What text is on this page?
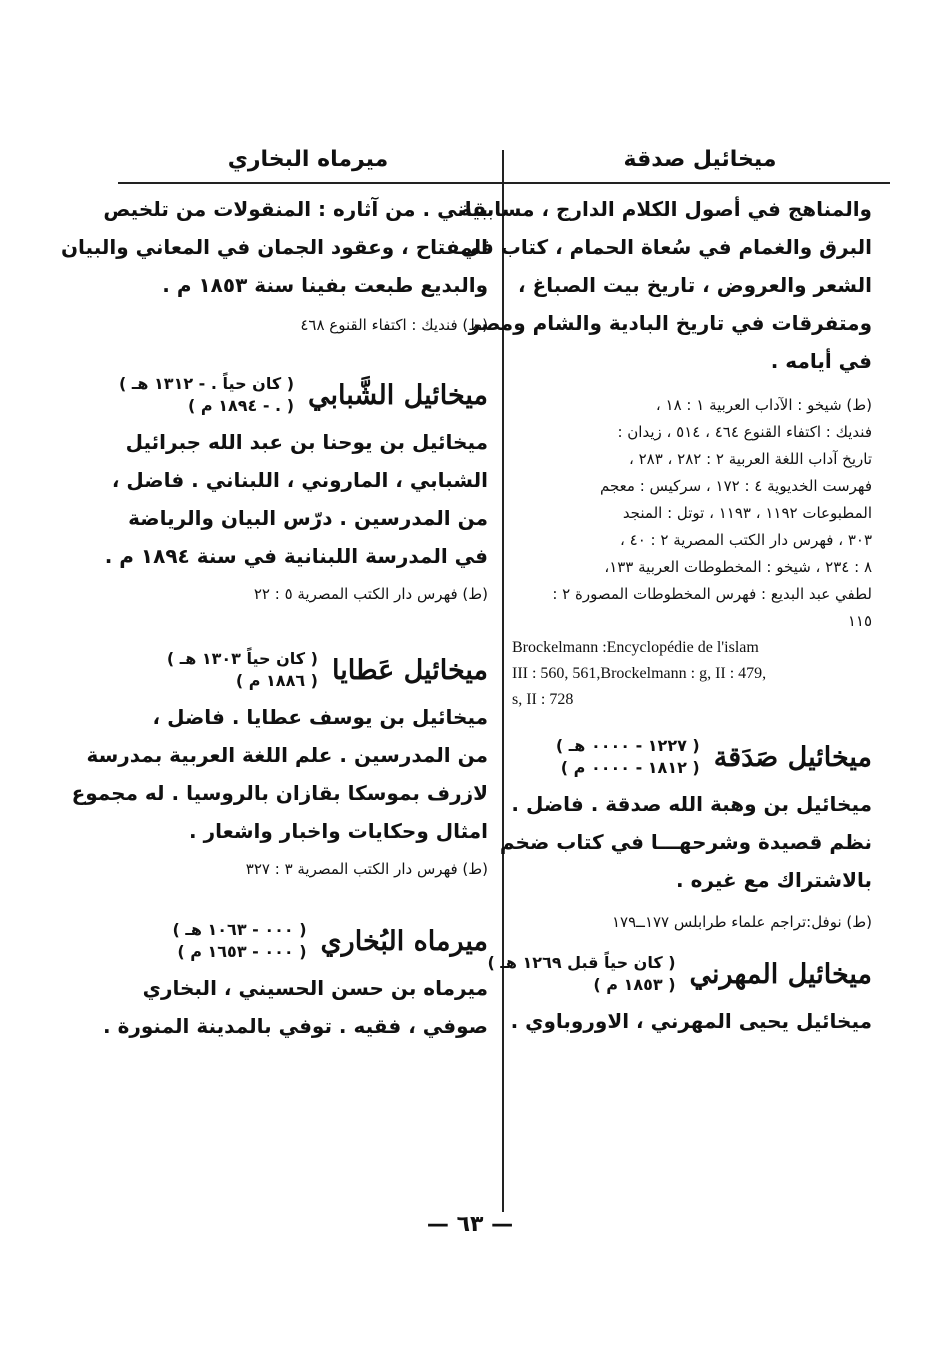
ميخائيل صدقة
ميرماه البخاري
والمناهج في أصول الكلام الدارج ، مسابقة
البرق والغمام في سُعاة الحمام ، كتاب في
الشعر والعروض ، تاريخ بيت الصباغ ،
ومتفرقات في تاريخ البادية والشام ومصر
في أيامه .
(ط) شيخو : الآداب العربية ١ : ١٨ ،
فنديك : اكتفاء القنوع ٤٦٤ ، ٥١٤ ، زيدان :
تاريخ آداب اللغة العربية ٢ : ٢٨٢ ، ٢٨٣ ،
فهرست الخديوية ٤ : ١٧٢ ، سركيس : معجم
المطبوعات ١١٩٢ ، ١١٩٣ ، توتل : المنجد
٣٠٣ ، فهرس دار الكتب المصرية ٢ : ٤٠ ،
٨ : ٢٣٤ ، شيخو : المخطوطات العربية ١٣٣،
لطفي عبد البديع : فهرس المخطوطات المصورة ٢ :
١١٥
Brockelmann :Encyclopédie de l'islam
III : 560, 561,Brockelmann : g, II : 479,
s, II : 728
ميخائيل صَدَقة
( ١٢٢٧ - ٠٠٠٠ هـ )
( ١٨١٢ - ٠٠٠٠ م )
ميخائيل بن وهبة الله صدقة . فاضل .
نظم قصيدة وشرحهـــا في كتاب ضخم
بالاشتراك مع غيره .
(ط) نوفل:تراجم علماء طرابلس ١٧٧ــ١٧٩
ميخائيل المهرني
( كان حياً قبل ١٢٦٩ هـ )
( ١٨٥٣ م )
ميخائيل يحيى المهرني ، الاوروباوي .
بياني . من آثاره : المنقولات من تلخيص
المفتاح ، وعقود الجمان في المعاني والبيان
والبديع طبعت بفينا سنة ١٨٥٣ م .
(ط) فنديك : اكتفاء القنوع ٤٦٨
ميخائيل الشَّبابي
( كان حياً . - ١٣١٢ هـ )
( . - ١٨٩٤ م )
ميخائيل بن يوحنا بن عبد الله جبرائيل
الشبابي ، الماروني ، اللبناني . فاضل ،
من المدرسين . درّس البيان والرياضة
في المدرسة اللبنانية في سنة ١٨٩٤ م .
(ط) فهرس دار الكتب المصرية ٥ : ٢٢
ميخائيل عَطايا
( كان حياً ١٣٠٣ هـ )
( ١٨٨٦ م )
ميخائيل بن يوسف عطايا . فاضل ،
من المدرسين . علم اللغة العربية بمدرسة
لازرف بموسكا بقازان بالروسيا . له مجموع
امثال وحكايات واخبار واشعار .
(ط) فهرس دار الكتب المصرية ٣ : ٣٢٧
ميرماه البُخاري
( ٠٠٠ - ١٠٦٣ هـ )
( ٠٠٠ - ١٦٥٣ م )
ميرماه بن حسن الحسيني ، البخاري
صوفي ، فقيه . توفي بالمدينة المنورة .
— ٦٣ —
